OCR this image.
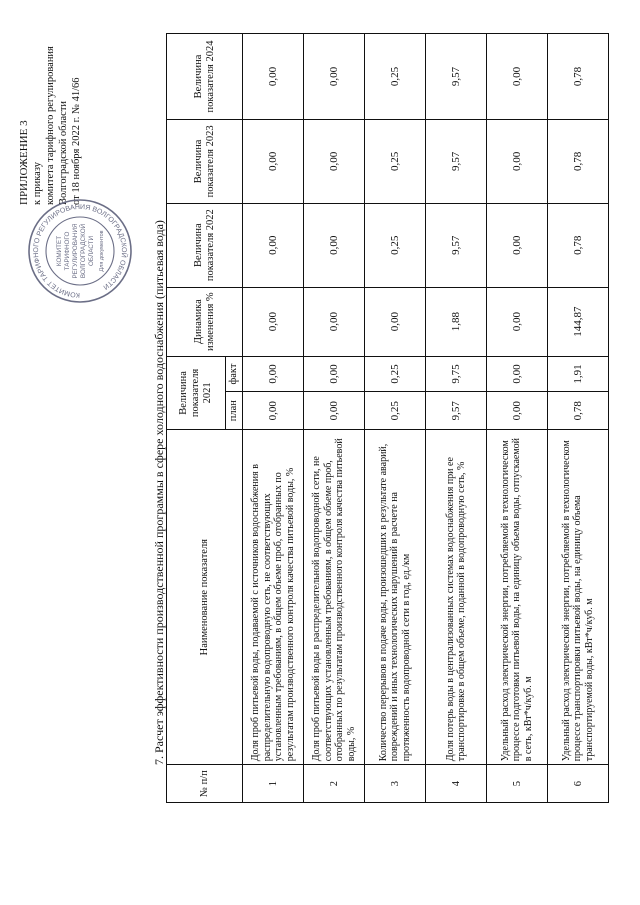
ПРИЛОЖЕНИЕ 3 к приказу комитета тарифного регулирования Волгоградской области от 18 ноября 2022 г. № 41/66
КОМИТЕТ ТАРИФНОГО РЕГУЛИРОВАНИЯ ВОЛГОГРАДСКОЙ ОБЛАСТИ
КОМИТЕТ ТАРИФНОГО РЕГУЛИРОВАНИЯ ВОЛГОГРАДСКОЙ ОБЛАСТИ Для документов	7. Расчет эффективности производственной программы в сфере холодного водоснабжения (питьевая вода)
№ п/п	Наименование показателя	Величина показателя 2021		Динамика изменения %	Величина показателя 2022	Величина показателя 2023	Величина показателя 2024
		план	факт				
1	Доля проб питьевой воды, подаваемой с источников водоснабжения в распределительную водопроводную сеть, не соответствующих установленным требованиям, в общем объеме проб, отобранных по результатам производственного контроля качества питьевой воды, %	0,00	0,00	0,00	0,00	0,00	0,00
2	Доля проб питьевой воды в распределительной водопроводной сети, не соответствующих установленным требованиям, в общем объеме проб, отобранных по результатам производственного контроля качества питьевой воды, %	0,00	0,00	0,00	0,00	0,00	0,00
3	Количество перерывов в подаче воды, произошедших в результате аварий, повреждений и иных технологических нарушений в расчете на протяженность водопроводной сети в год, ед./км	0,25	0,25	0,00	0,25	0,25	0,25
4	Доля потерь воды в централизованных системах водоснабжения при ее транспортировке в общем объеме, поданной в водопроводную сеть, %	9,57	9,75	1,88	9,57	9,57	9,57
5	Удельный расход электрической энергии, потребляемой в технологическом процессе подготовки питьевой воды, на единицу объема воды, отпускаемой в сеть, кВт*ч/куб. м	0,00	0,00	0,00	0,00	0,00	0,00
6	Удельный расход электрической энергии, потребляемой в технологическом процессе транспортировки питьевой воды, на единицу объема транспортируемой воды, кВт*ч/куб. м	0,78	1,91	144,87	0,78	0,78	0,78
